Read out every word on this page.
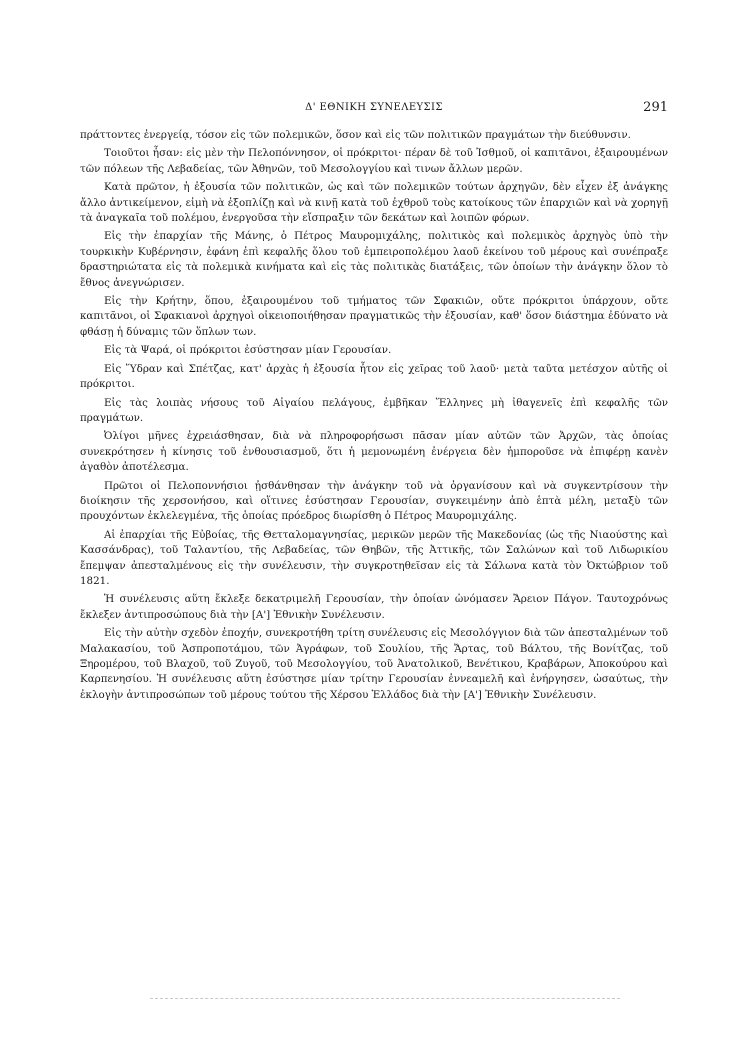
Δ' ΕΘΝΙΚΗ ΣΥΝΕΛΕΥΣΙΣ	291

πράττοντες ἐνεργείᾳ, τόσον εἰς τῶν πολεμικῶν, ὅσον καὶ εἰς τῶν πολιτικῶν πραγμάτων τὴν διεύθυνσιν.

Τοιοῦτοι ἦσαν: εἰς μὲν τὴν Πελοπόννησον, οἱ πρόκριτοι· πέραν δὲ τοῦ Ἰσθμοῦ, οἱ καπιτᾶνοι, ἐξαιρουμένων τῶν πόλεων τῆς Λεβαδείας, τῶν Ἀθηνῶν, τοῦ Μεσολογγίου καὶ τινων ἄλλων μερῶν.

Κατὰ πρῶτον, ἡ ἐξουσία τῶν πολιτικῶν, ὡς καὶ τῶν πολεμικῶν τούτων ἀρχηγῶν, δὲν εἶχεν ἐξ ἀνάγκης ἄλλο ἀντικείμενον, εἰμὴ νὰ ἐξοπλίζῃ καὶ νὰ κινῇ κατὰ τοῦ ἐχθροῦ τοὺς κατοίκους τῶν ἐπαρχιῶν καὶ νὰ χορηγῇ τὰ ἀναγκαῖα τοῦ πολέμου, ἐνεργοῦσα τὴν εἴσπραξιν τῶν δεκάτων καὶ λοιπῶν φόρων.

Εἰς τὴν ἐπαρχίαν τῆς Μάνης, ὁ Πέτρος Μαυρομιχάλης, πολιτικὸς καὶ πολεμικὸς ἀρχηγὸς ὑπὸ τὴν τουρκικὴν Κυβέρνησιν, ἐφάνη ἐπὶ κεφαλῆς ὅλου τοῦ ἐμπειροπολέμου λαοῦ ἐκείνου τοῦ μέρους καὶ συνέπραξε δραστηριώτατα εἰς τὰ πολεμικὰ κινήματα καὶ εἰς τὰς πολιτικὰς διατάξεις, τῶν ὁποίων τὴν ἀνάγκην ὅλον τὸ ἔθνος ἀνεγνώρισεν.

Εἰς τὴν Κρήτην, ὅπου, ἐξαιρουμένου τοῦ τμήματος τῶν Σφακιῶν, οὔτε πρόκριτοι ὑπάρχουν, οὔτε καπιτᾶνοι, οἱ Σφακιανοὶ ἀρχηγοὶ οἰκειοποιήθησαν πραγματικῶς τὴν ἐξουσίαν, καθ' ὅσον διάστημα ἐδύνατο νὰ φθάσῃ ἡ δύναμις τῶν ὅπλων των.

Εἰς τὰ Ψαρά, οἱ πρόκριτοι ἐσύστησαν μίαν Γερουσίαν.

Εἰς Ὕδραν καὶ Σπέτζας, κατ' ἀρχὰς ἡ ἐξουσία ἦτον εἰς χεῖρας τοῦ λαοῦ· μετὰ ταῦτα μετέσχον αὐτῆς οἱ πρόκριτοι.

Εἰς τὰς λοιπὰς νήσους τοῦ Αἰγαίου πελάγους, ἐμβῆκαν Ἕλληνες μὴ ἰθαγενεῖς ἐπὶ κεφαλῆς τῶν πραγμάτων.

Ὀλίγοι μῆνες ἐχρειάσθησαν, διὰ νὰ πληροφορήσωσι πᾶσαν μίαν αὐτῶν τῶν Ἀρχῶν, τὰς ὁποίας συνεκρότησεν ἡ κίνησις τοῦ ἐνθουσιασμοῦ, ὅτι ἡ μεμονωμένη ἐνέργεια δὲν ἠμποροῦσε νὰ ἐπιφέρῃ κανὲν ἀγαθὸν ἀποτέλεσμα.

Πρῶτοι οἱ Πελοποννήσιοι ᾐσθάνθησαν τὴν ἀνάγκην τοῦ νὰ ὀργανίσουν καὶ νὰ συγκεντρίσουν τὴν διοίκησιν τῆς χερσονήσου, καὶ οἵτινες ἐσύστησαν Γερουσίαν, συγκειμένην ἀπὸ ἑπτὰ μέλη, μεταξὺ τῶν προυχόντων ἐκλελεγμένα, τῆς ὁποίας πρόεδρος διωρίσθη ὁ Πέτρος Μαυρομιχάλης.

Αἱ ἐπαρχίαι τῆς Εὐβοίας, τῆς Θετταλομαγνησίας, μερικῶν μερῶν τῆς Μακεδονίας (ὡς τῆς Νιαούστης καὶ Κασσάνδρας), τοῦ Ταλαντίου, τῆς Λεβαδείας, τῶν Θηβῶν, τῆς Ἀττικῆς, τῶν Σαλώνων καὶ τοῦ Λιδωρικίου ἔπεμψαν ἀπεσταλμένους εἰς τὴν συνέλευσιν, τὴν συγκροτηθεῖσαν εἰς τὰ Σάλωνα κατὰ τὸν Ὀκτώβριον τοῦ 1821.

Ἡ συνέλευσις αὕτη ἔκλεξε δεκατριμελῆ Γερουσίαν, τὴν ὁποίαν ὠνόμασεν Ἄρειον Πάγον. Ταυτοχρόνως ἔκλεξεν ἀντιπροσώπους διὰ τὴν [Α'] Ἐθνικὴν Συνέλευσιν.

Εἰς τὴν αὐτὴν σχεδὸν ἐποχήν, συνεκροτήθη τρίτη συνέλευσις εἰς Μεσολόγγιον διὰ τῶν ἀπεσταλμένων τοῦ Μαλακασίου, τοῦ Ἀσπροποτάμου, τῶν Ἀγράφων, τοῦ Σουλίου, τῆς Ἄρτας, τοῦ Βάλτου, τῆς Βονίτζας, τοῦ Ξηρομέρου, τοῦ Βλαχοῦ, τοῦ Ζυγοῦ, τοῦ Μεσολογγίου, τοῦ Ἀνατολικοῦ, Βενέτικου, Κραβάρων, Ἀποκούρου καὶ Καρπενησίου. Ἡ συνέλευσις αὕτη ἐσύστησε μίαν τρίτην Γερουσίαν ἐννεαμελῆ καὶ ἐνήργησεν, ὡσαύτως, τὴν ἐκλογὴν ἀντιπροσώπων τοῦ μέρους τούτου τῆς Χέρσου Ἑλλάδος διὰ τὴν [Α'] Ἐθνικὴν Συνέλευσιν.
